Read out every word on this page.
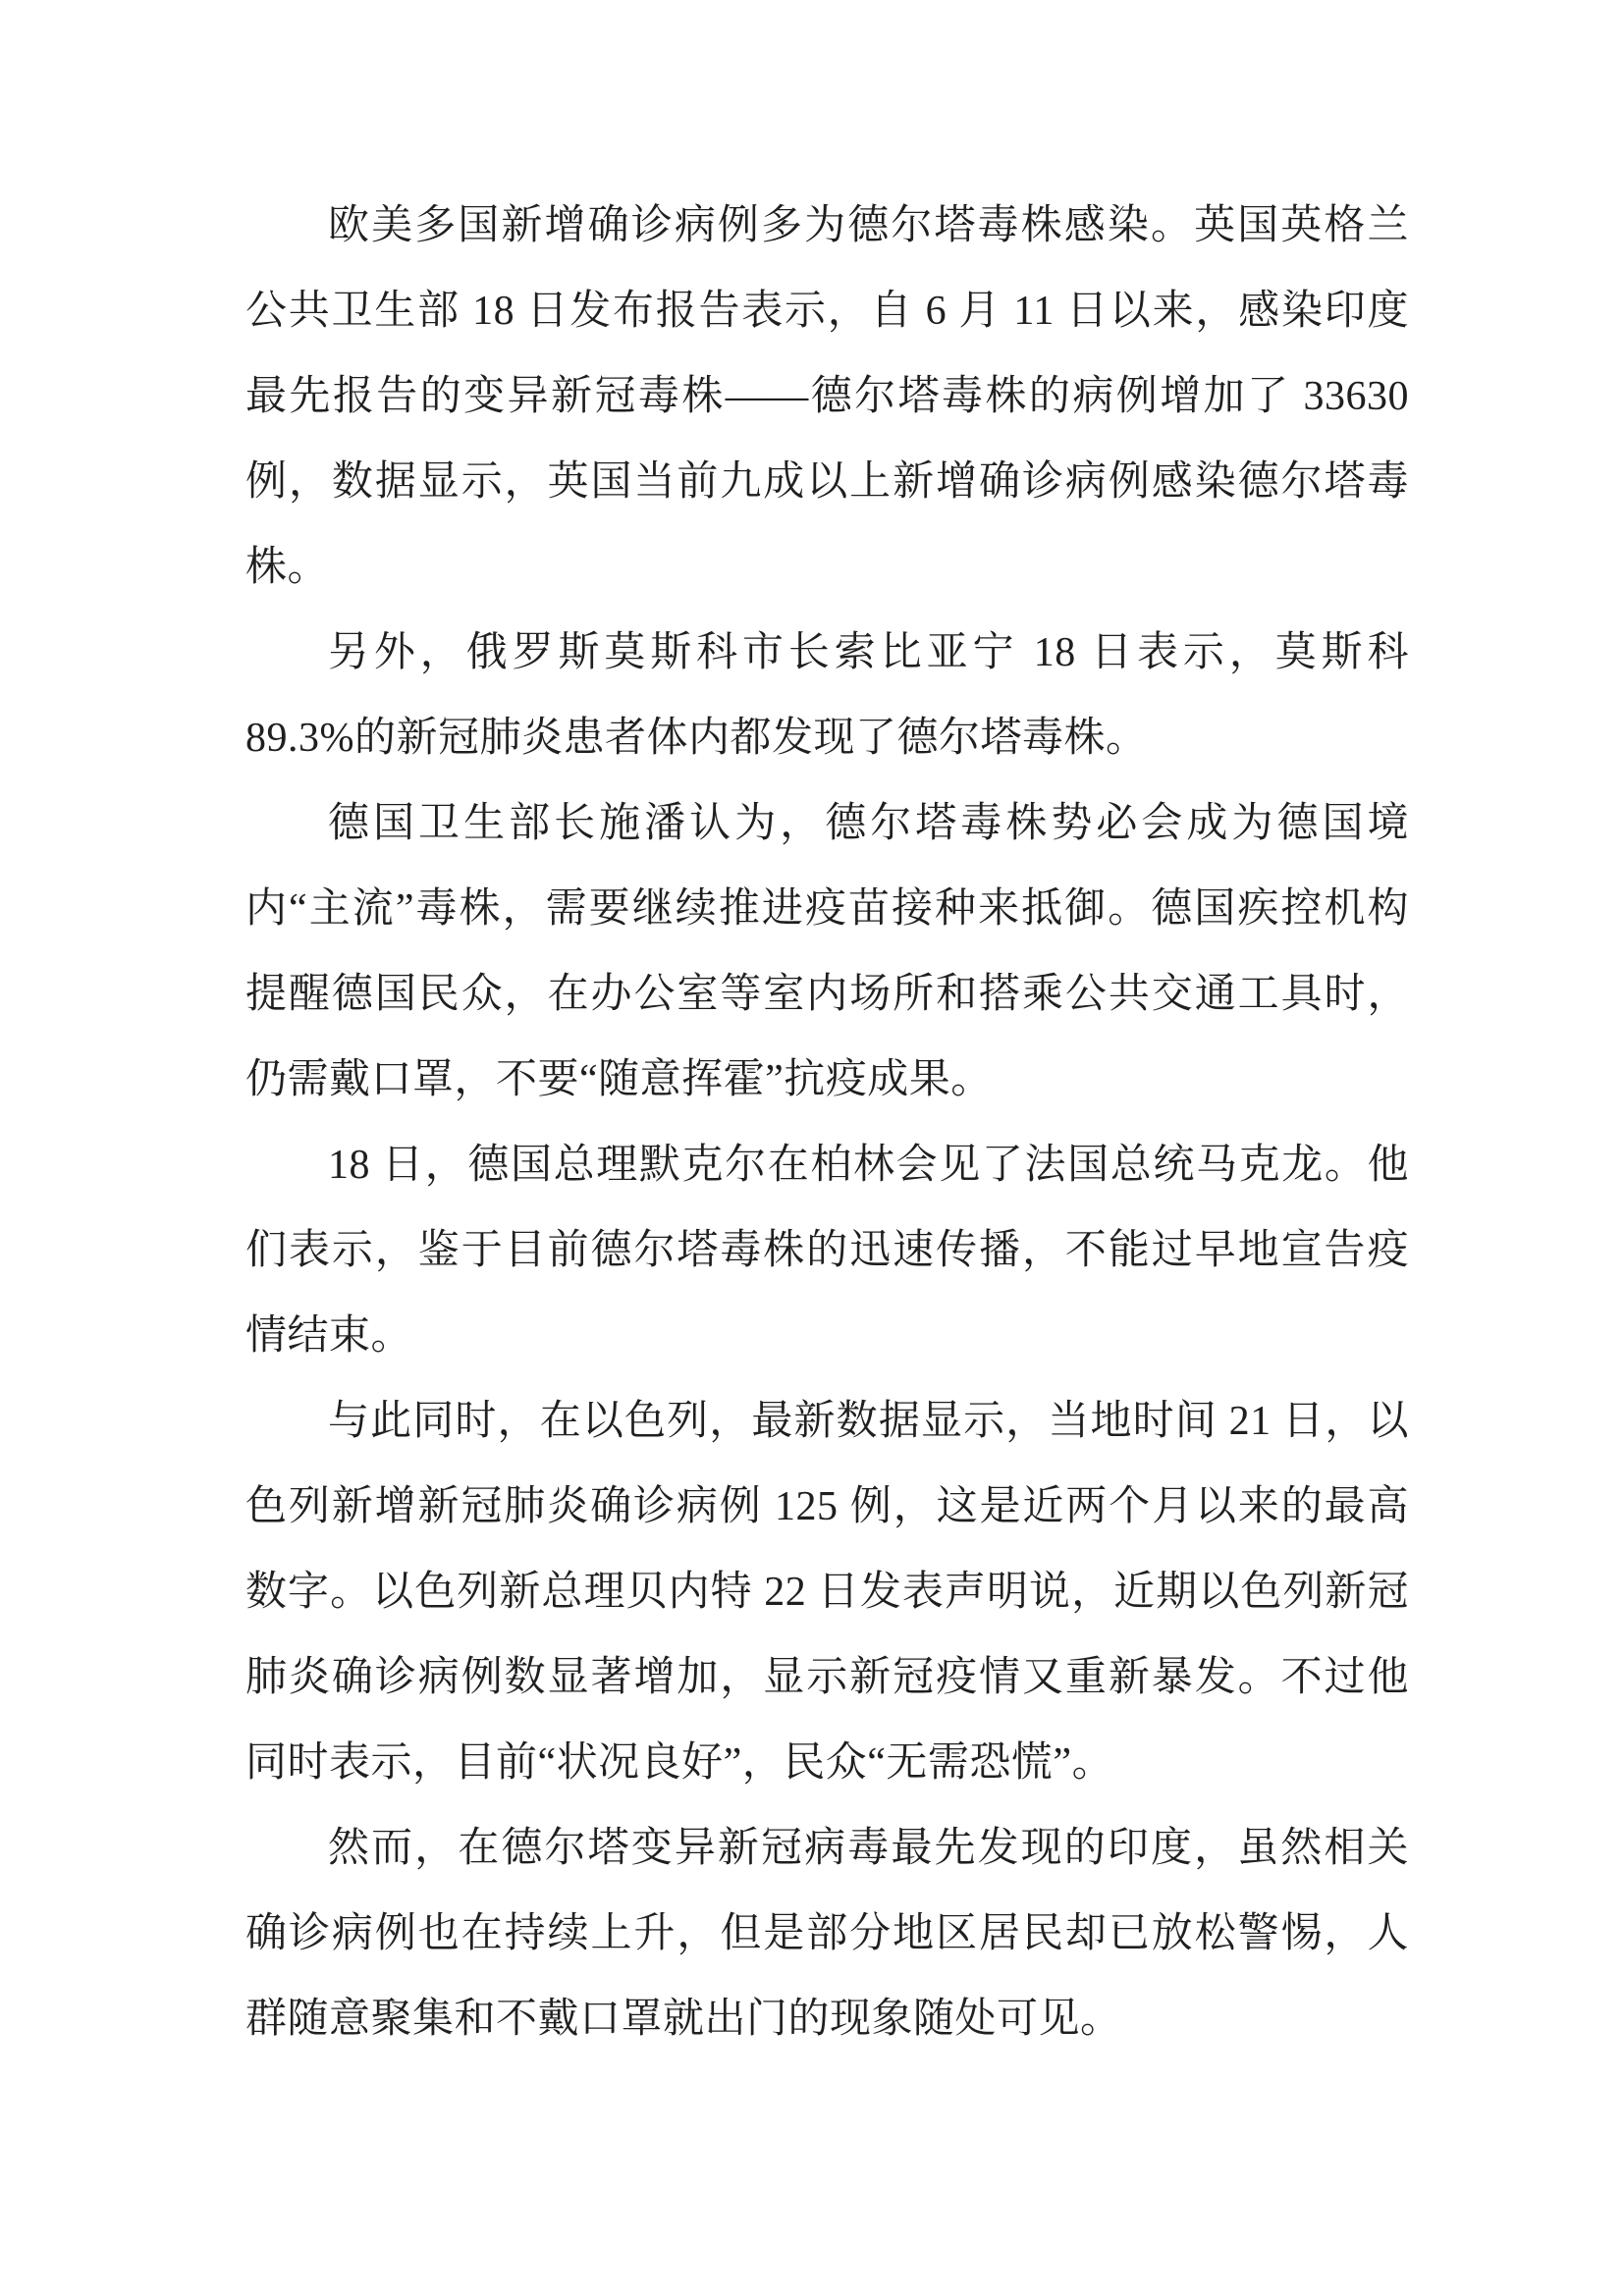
欧美多国新增确诊病例多为德尔塔毒株感染。英国英格兰公共卫生部 18 日发布报告表示，自 6 月 11 日以来，感染印度最先报告的变异新冠毒株——德尔塔毒株的病例增加了 33630 例，数据显示，英国当前九成以上新增确诊病例感染德尔塔毒株。

另外，俄罗斯莫斯科市长索比亚宁 18 日表示，莫斯科 89.3%的新冠肺炎患者体内都发现了德尔塔毒株。

德国卫生部长施潘认为，德尔塔毒株势必会成为德国境内“主流”毒株，需要继续推进疫苗接种来抵御。德国疾控机构提醒德国民众，在办公室等室内场所和搭乘公共交通工具时，仍需戴口罩，不要“随意挥霍”抗疫成果。

18 日，德国总理默克尔在柏林会见了法国总统马克龙。他们表示，鉴于目前德尔塔毒株的迅速传播，不能过早地宣告疫情结束。

与此同时，在以色列，最新数据显示，当地时间 21 日，以色列新增新冠肺炎确诊病例 125 例，这是近两个月以来的最高数字。以色列新总理贝内特 22 日发表声明说，近期以色列新冠肺炎确诊病例数显著增加，显示新冠疫情又重新暴发。不过他同时表示，目前“状况良好”，民众“无需恐慌”。

然而，在德尔塔变异新冠病毒最先发现的印度，虽然相关确诊病例也在持续上升，但是部分地区居民却已放松警惕，人群随意聚集和不戴口罩就出门的现象随处可见。
